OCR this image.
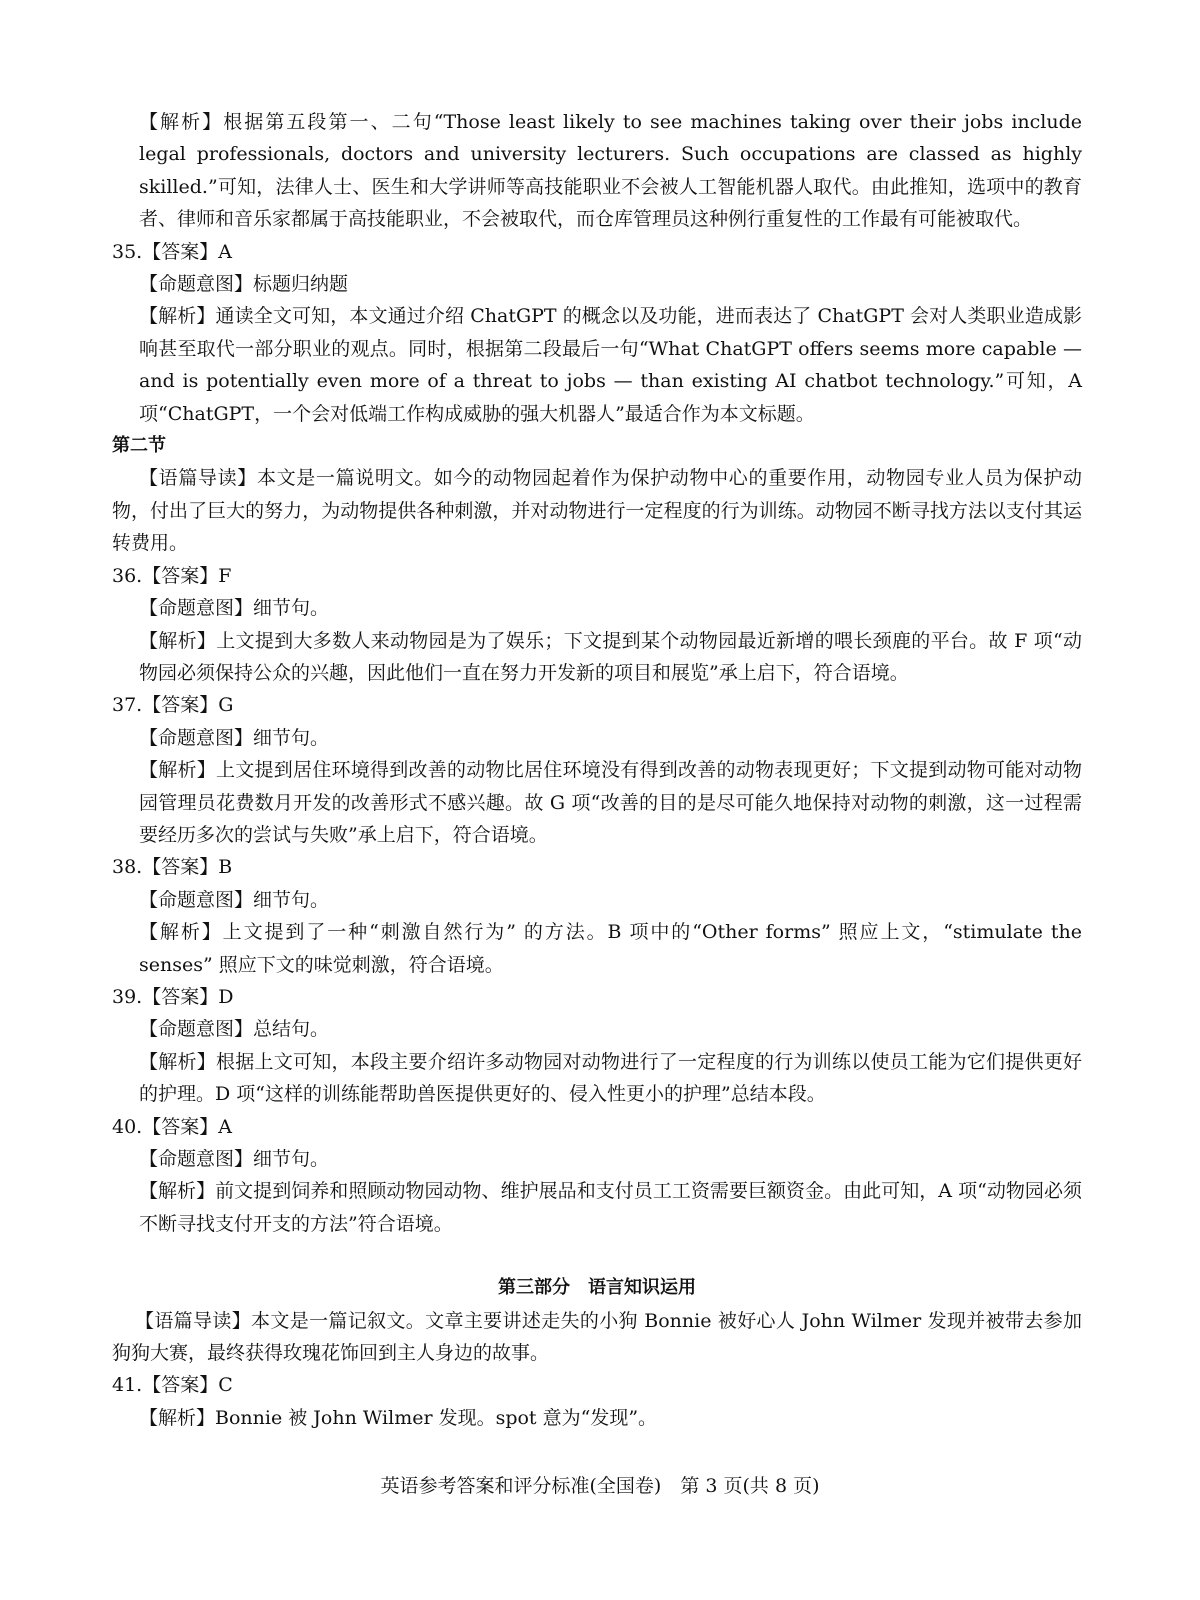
【解析】根据第五段第一、二句“Those least likely to see machines taking over their jobs include legal professionals, doctors and university lecturers. Such occupations are classed as highly skilled.”可知，法律人士、医生和大学讲师等高技能职业不会被人工智能机器人取代。由此推知，选项中的教育者、律师和音乐家都属于高技能职业，不会被取代，而仓库管理员这种例行重复性的工作最有可能被取代。

35.【答案】A

【命题意图】标题归纳题

【解析】通读全文可知，本文通过介绍 ChatGPT 的概念以及功能，进而表达了 ChatGPT 会对人类职业造成影响甚至取代一部分职业的观点。同时，根据第二段最后一句“What ChatGPT offers seems more capable — and is potentially even more of a threat to jobs — than existing AI chatbot technology.”可知，A 项“ChatGPT，一个会对低端工作构成威胁的强大机器人”最适合作为本文标题。

第二节

【语篇导读】本文是一篇说明文。如今的动物园起着作为保护动物中心的重要作用，动物园专业人员为保护动物，付出了巨大的努力，为动物提供各种刺激，并对动物进行一定程度的行为训练。动物园不断寻找方法以支付其运转费用。

36.【答案】F

【命题意图】细节句。

【解析】上文提到大多数人来动物园是为了娱乐；下文提到某个动物园最近新增的喂长颈鹿的平台。故 F 项“动物园必须保持公众的兴趣，因此他们一直在努力开发新的项目和展览”承上启下，符合语境。

37.【答案】G

【命题意图】细节句。

【解析】上文提到居住环境得到改善的动物比居住环境没有得到改善的动物表现更好；下文提到动物可能对动物园管理员花费数月开发的改善形式不感兴趣。故 G 项“改善的目的是尽可能久地保持对动物的刺激，这一过程需要经历多次的尝试与失败”承上启下，符合语境。

38.【答案】B

【命题意图】细节句。

【解析】上文提到了一种“刺激自然行为” 的方法。B 项中的“Other forms” 照应上文，“stimulate the senses” 照应下文的味觉刺激，符合语境。

39.【答案】D

【命题意图】总结句。

【解析】根据上文可知，本段主要介绍许多动物园对动物进行了一定程度的行为训练以使员工能为它们提供更好的护理。D 项“这样的训练能帮助兽医提供更好的、侵入性更小的护理”总结本段。

40.【答案】A

【命题意图】细节句。

【解析】前文提到饲养和照顾动物园动物、维护展品和支付员工工资需要巨额资金。由此可知，A 项“动物园必须不断寻找支付开支的方法”符合语境。

第三部分　语言知识运用

【语篇导读】本文是一篇记叙文。文章主要讲述走失的小狗 Bonnie 被好心人 John Wilmer 发现并被带去参加狗狗大赛，最终获得玫瑰花饰回到主人身边的故事。

41.【答案】C

【解析】Bonnie 被 John Wilmer 发现。spot 意为“发现”。

英语参考答案和评分标准(全国卷)　第 3 页(共 8 页)
